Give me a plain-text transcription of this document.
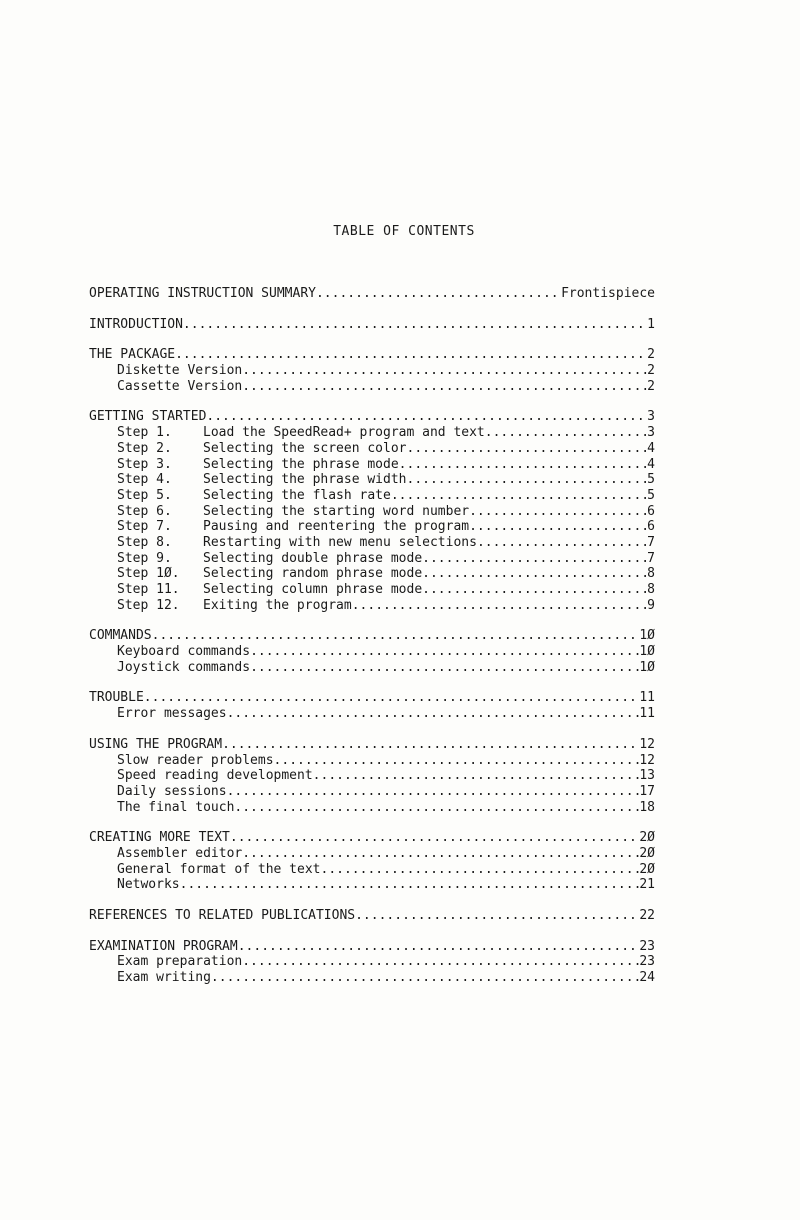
TABLE OF CONTENTS
OPERATING INSTRUCTION SUMMARY .....	Frontispiece
INTRODUCTION .....	1
THE PACKAGE .....	2
Diskette Version .....	2
Cassette Version .....	2
GETTING STARTED .....	3
Step 1.	Load the SpeedRead+ program and text .....	3
Step 2.	Selecting the screen color .....	4
Step 3.	Selecting the phrase mode .....	4
Step 4.	Selecting the phrase width .....	5
Step 5.	Selecting the flash rate .....	5
Step 6.	Selecting the starting word number .....	6
Step 7.	Pausing and reentering the program .....	6
Step 8.	Restarting with new menu selections .....	7
Step 9.	Selecting double phrase mode .....	7
Step 1Ø.	Selecting random phrase mode .....	8
Step 11.	Selecting column phrase mode .....	8
Step 12.	Exiting the program .....	9
COMMANDS .....	1Ø
Keyboard commands .....	1Ø
Joystick commands .....	1Ø
TROUBLE .....	11
Error messages .....	11
USING THE PROGRAM .....	12
Slow reader problems .....	12
Speed reading development .....	13
Daily sessions .....	17
The final touch .....	18
CREATING MORE TEXT .....	2Ø
Assembler editor .....	2Ø
General format of the text .....	2Ø
Networks .....	21
REFERENCES TO RELATED PUBLICATIONS .....	22
EXAMINATION PROGRAM .....	23
Exam preparation .....	23
Exam writing .....	24
